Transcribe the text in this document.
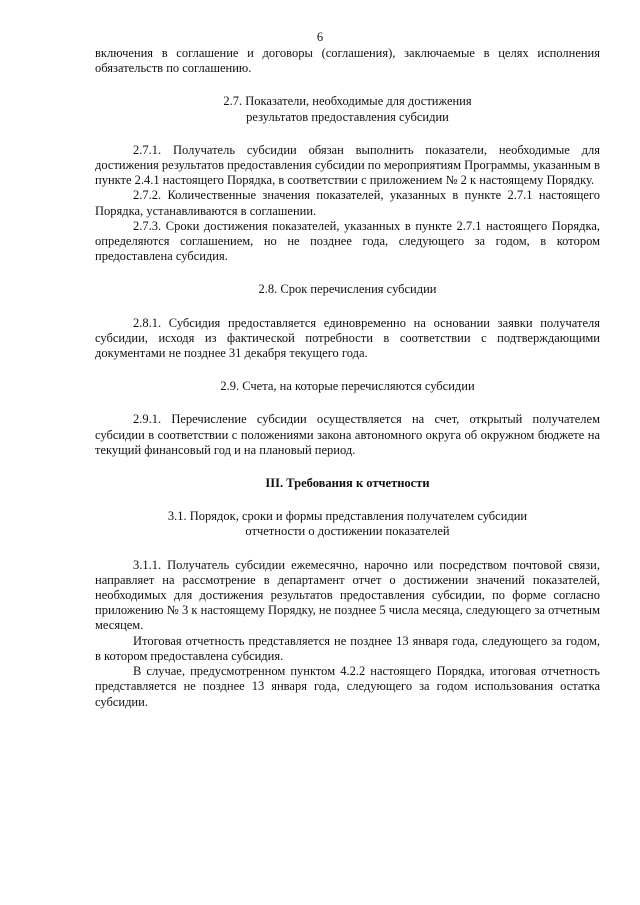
6

включения в соглашение и договоры (соглашения), заключаемые в целях исполнения обязательств по соглашению.

2.7. Показатели, необходимые для достижения

результатов предоставления субсидии

2.7.1. Получатель субсидии обязан выполнить показатели, необходимые для достижения результатов предоставления субсидии по мероприятиям Программы, указанным в пункте 2.4.1 настоящего Порядка, в соответствии с приложением № 2 к настоящему Порядку.

2.7.2. Количественные значения показателей, указанных в пункте 2.7.1 настоящего Порядка, устанавливаются в соглашении.

2.7.3. Сроки достижения показателей, указанных в пункте 2.7.1 настоящего Порядка, определяются соглашением, но не позднее года, следующего за годом, в котором предоставлена субсидия.

2.8. Срок перечисления субсидии

2.8.1. Субсидия предоставляется единовременно на основании заявки получателя субсидии, исходя из фактической потребности в соответствии с подтверждающими документами не позднее 31 декабря текущего года.

2.9. Счета, на которые перечисляются субсидии

2.9.1. Перечисление субсидии осуществляется на счет, открытый получателем субсидии в соответствии с положениями закона автономного округа об окружном бюджете на текущий финансовый год и на плановый период.

III. Требования к отчетности

3.1. Порядок, сроки и формы представления получателем субсидии

отчетности о достижении показателей

3.1.1. Получатель субсидии ежемесячно, нарочно или посредством почтовой связи, направляет на рассмотрение в департамент отчет о достижении значений показателей, необходимых для достижения результатов предоставления субсидии, по форме согласно приложению № 3 к настоящему Порядку, не позднее 5 числа месяца, следующего за отчетным месяцем.

Итоговая отчетность представляется не позднее 13 января года, следующего за годом, в котором предоставлена субсидия.

В случае, предусмотренном пунктом 4.2.2 настоящего Порядка, итоговая отчетность представляется не позднее 13 января года, следующего за годом использования остатка субсидии.
